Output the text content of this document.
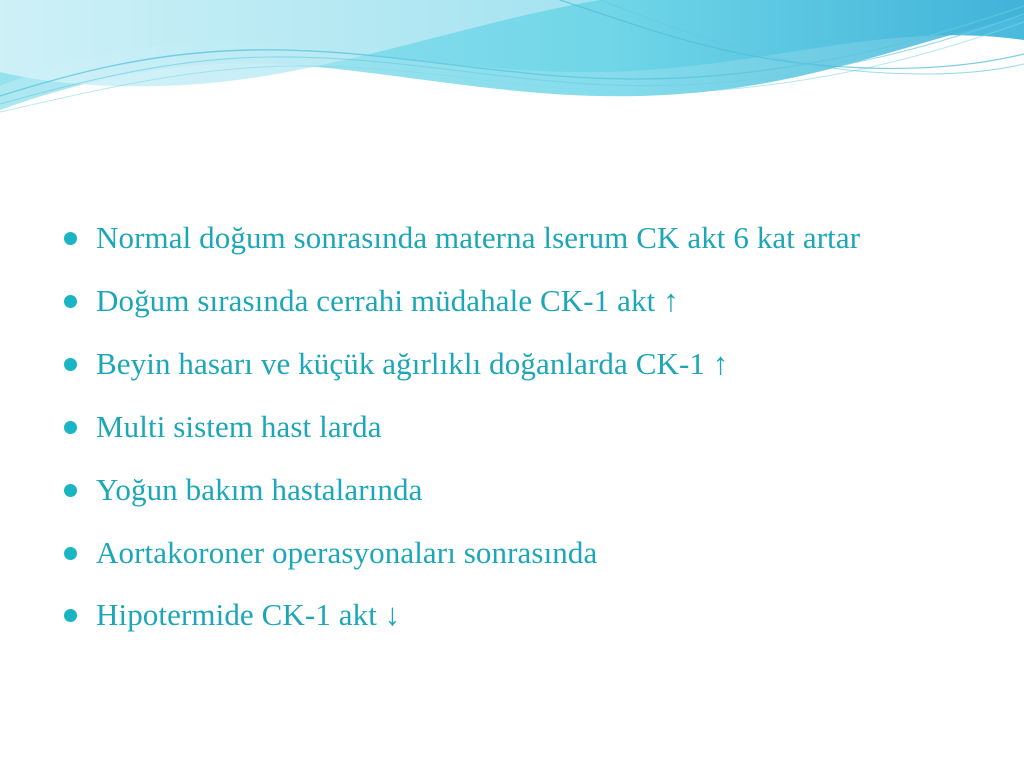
Normal doğum sonrasında materna lserum CK akt 6 kat artar
Doğum sırasında cerrahi müdahale CK-1 akt ↑
Beyin hasarı ve küçük ağırlıklı doğanlarda CK-1 ↑
Multi sistem hast larda
Yoğun bakım hastalarında
Aortakoroner operasyonaları sonrasında
Hipotermide CK-1 akt ↓
